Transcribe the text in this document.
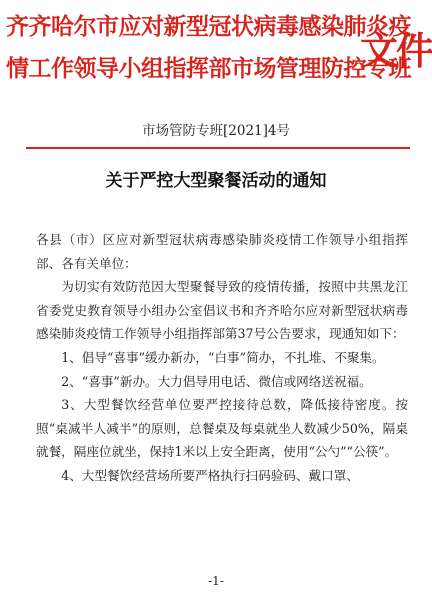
齐齐哈尔市应对新型冠状病毒感染肺炎疫
情工作领导小组指挥部市场管理防控专班
文件
市场管防专班[2021]4号
关于严控大型聚餐活动的通知

各县（市）区应对新型冠状病毒感染肺炎疫情工作领导小组指挥部、各有关单位：

为切实有效防范因大型聚餐导致的疫情传播，按照中共黑龙江省委党史教育领导小组办公室倡议书和齐齐哈尔应对新型冠状病毒感染肺炎疫情工作领导小组指挥部第37号公告要求，现通知如下：

1、倡导“喜事”缓办新办，“白事”简办，不扎堆、不聚集。

2、“喜事”新办。大力倡导用电话、微信或网络送祝福。

3、大型餐饮经营单位要严控接待总数，降低接待密度。按照“桌减半人减半”的原则，总餐桌及每桌就坐人数减少50%，隔桌就餐，隔座位就坐，保持1米以上安全距离，使用“公勺”“公筷”。

4、大型餐饮经营场所要严格执行扫码验码、戴口罩、

-1-
